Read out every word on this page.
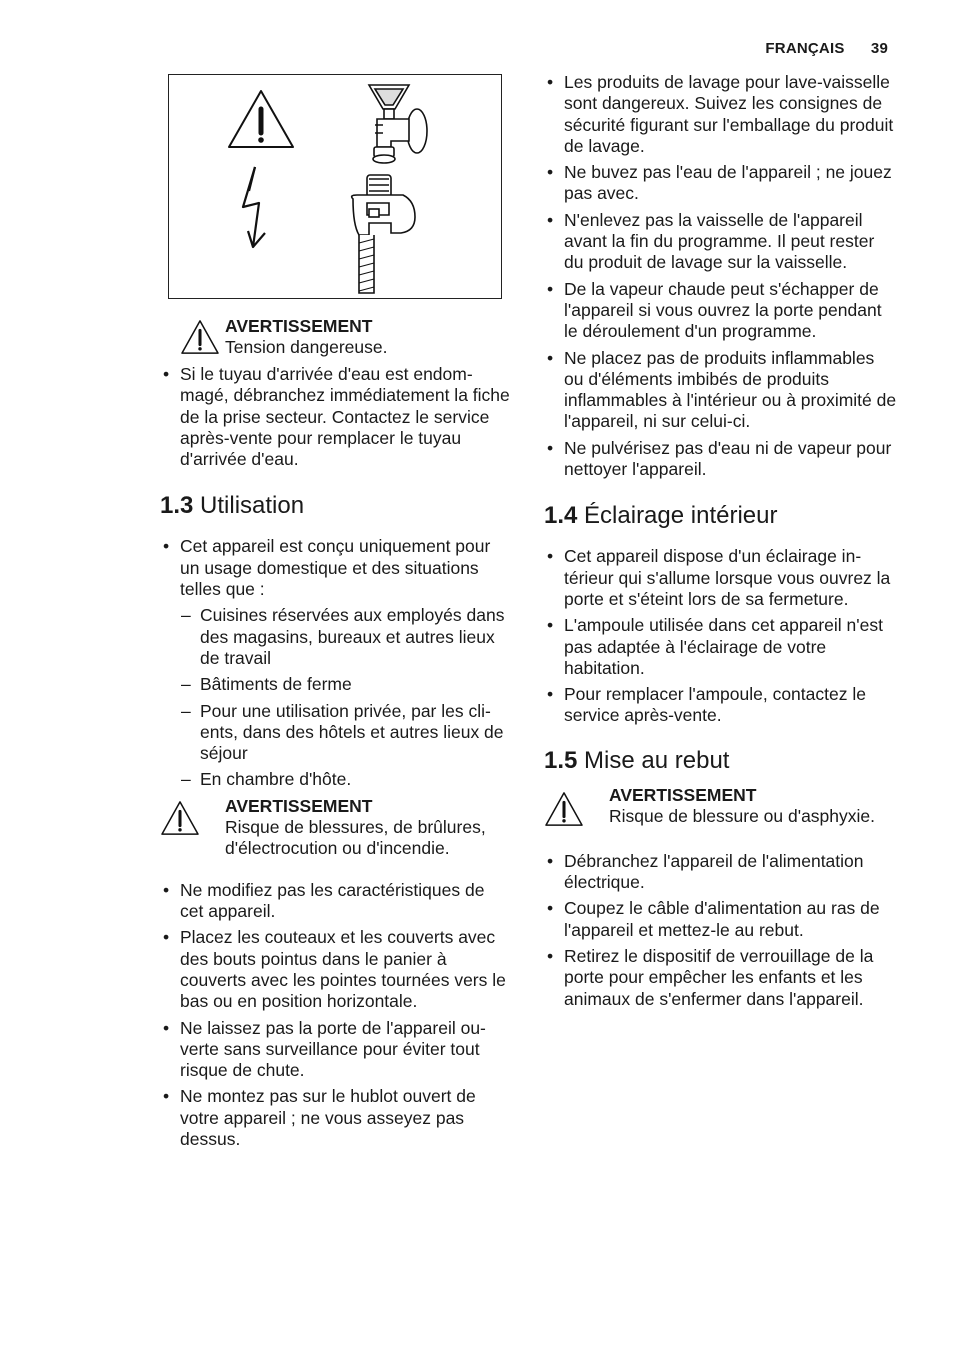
FRANÇAIS 39
AVERTISSEMENT
Tension dangereuse.
• Si le tuyau d'arrivée d'eau est endommagé, débranchez immédiatement la fiche de la prise secteur. Contactez le service après-vente pour remplacer le tuyau d'arrivée d'eau.
1.3 Utilisation
• Cet appareil est conçu uniquement pour un usage domestique et des situations telles que :
– Cuisines réservées aux employés dans des magasins, bureaux et autres lieux de travail
– Bâtiments de ferme
– Pour une utilisation privée, par les clients, dans des hôtels et autres lieux de séjour
– En chambre d'hôte.
AVERTISSEMENT
Risque de blessures, de brûlures, d'électrocution ou d'incendie.
• Ne modifiez pas les caractéristiques de cet appareil.
• Placez les couteaux et les couverts avec des bouts pointus dans le panier à couverts avec les pointes tournées vers le bas ou en position horizontale.
• Ne laissez pas la porte de l'appareil ouverte sans surveillance pour éviter tout risque de chute.
• Ne montez pas sur le hublot ouvert de votre appareil ; ne vous asseyez pas dessus.
• Les produits de lavage pour lave-vaisselle sont dangereux. Suivez les consignes de sécurité figurant sur l'emballage du produit de lavage.
• Ne buvez pas l'eau de l'appareil ; ne jouez pas avec.
• N'enlevez pas la vaisselle de l'appareil avant la fin du programme. Il peut rester du produit de lavage sur la vaisselle.
• De la vapeur chaude peut s'échapper de l'appareil si vous ouvrez la porte pendant le déroulement d'un programme.
• Ne placez pas de produits inflammables ou d'éléments imbibés de produits inflammables à l'intérieur ou à proximité de l'appareil, ni sur celui-ci.
• Ne pulvérisez pas d'eau ni de vapeur pour nettoyer l'appareil.
1.4 Éclairage intérieur
• Cet appareil dispose d'un éclairage intérieur qui s'allume lorsque vous ouvrez la porte et s'éteint lors de sa fermeture.
• L'ampoule utilisée dans cet appareil n'est pas adaptée à l'éclairage de votre habitation.
• Pour remplacer l'ampoule, contactez le service après-vente.
1.5 Mise au rebut
AVERTISSEMENT
Risque de blessure ou d'asphyxie.
• Débranchez l'appareil de l'alimentation électrique.
• Coupez le câble d'alimentation au ras de l'appareil et mettez-le au rebut.
• Retirez le dispositif de verrouillage de la porte pour empêcher les enfants et les animaux de s'enfermer dans l'appareil.
